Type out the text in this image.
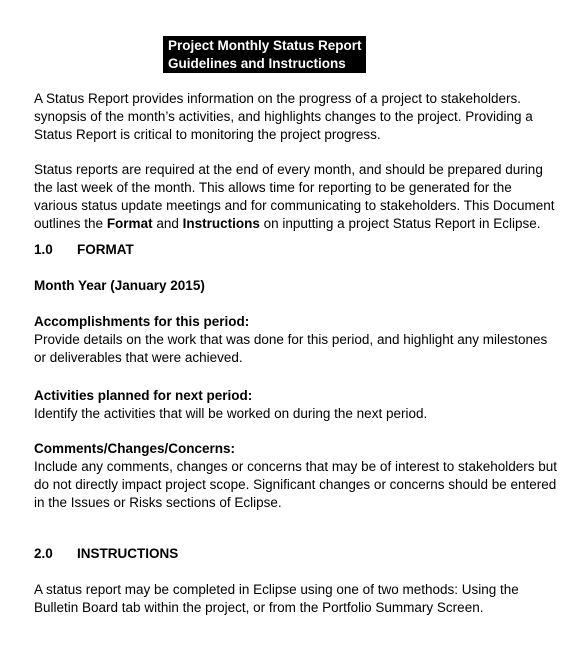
Project Monthly Status Report
Guidelines and Instructions
A Status Report provides information on the progress of a project to stakeholders.
synopsis of the month’s activities, and highlights changes to the project. Providing a
Status Report is critical to monitoring the project progress.
Status reports are required at the end of every month, and should be prepared during
the last week of the month. This allows time for reporting to be generated for the
various status update meetings and for communicating to stakeholders. This Document
outlines the Format and Instructions on inputting a project Status Report in Eclipse.
1.0 FORMAT
Month Year (January 2015)
Accomplishments for this period:
Provide details on the work that was done for this period, and highlight any milestones
or deliverables that were achieved.
Activities planned for next period:
Identify the activities that will be worked on during the next period.
Comments/Changes/Concerns:
Include any comments, changes or concerns that may be of interest to stakeholders but
do not directly impact project scope. Significant changes or concerns should be entered
in the Issues or Risks sections of Eclipse.
2.0 INSTRUCTIONS
A status report may be completed in Eclipse using one of two methods: Using the
Bulletin Board tab within the project, or from the Portfolio Summary Screen.
